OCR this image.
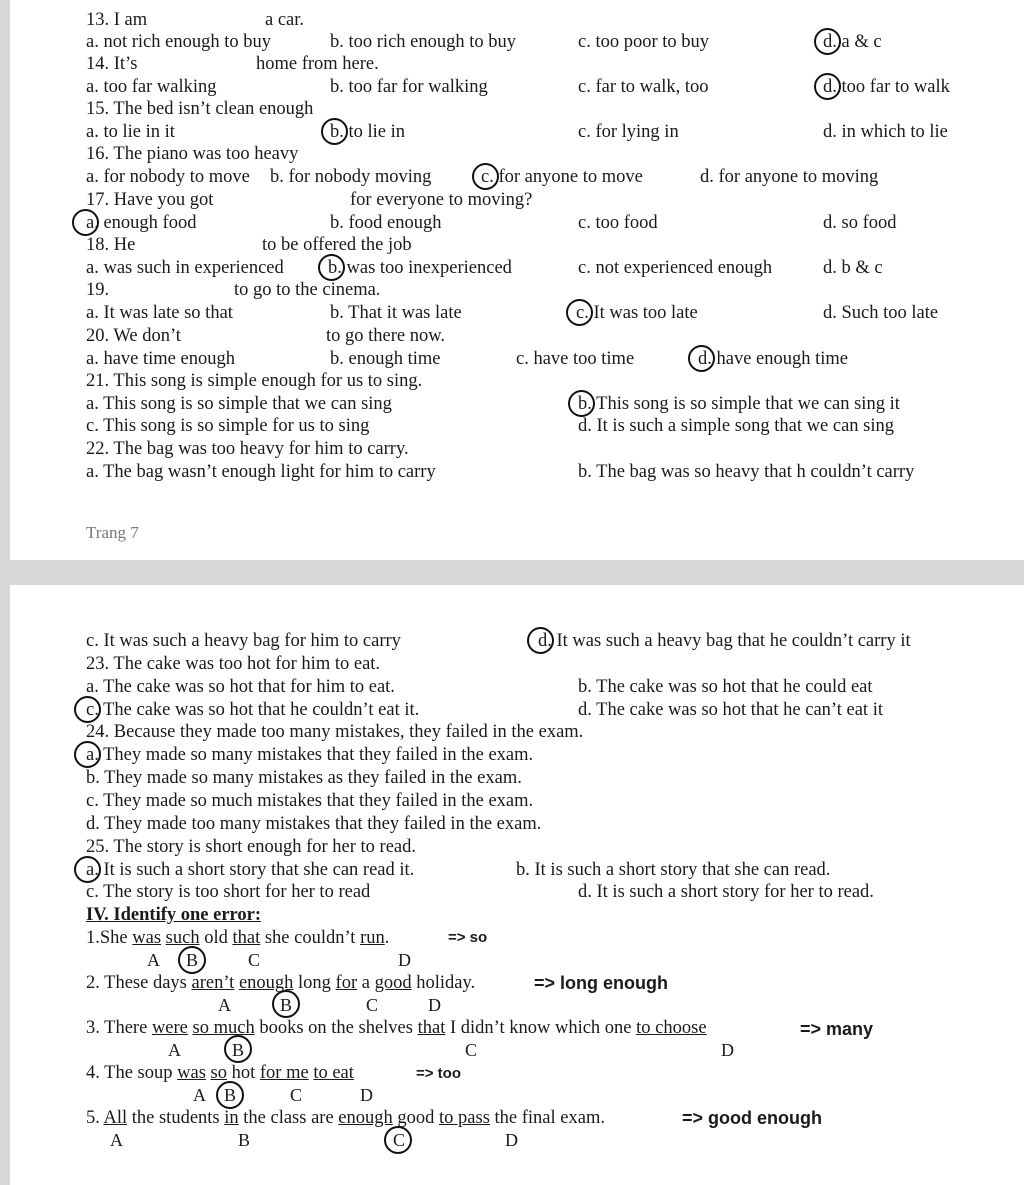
13. I am	a car.
a. not rich enough to buy	b. too rich enough to buy	c. too poor to buy	d. a & c
14. It’s	home from here.
a. too far walking	b. too far for walking	c. far to walk, too	d. too far to walk
15. The bed isn’t clean enough
a. to lie in it	b. to lie in	c. for lying in	d. in which to lie
16. The piano was too heavy
a. for nobody to move b. for nobody moving	c. for anyone to move	d. for anyone to moving
17. Have you got	for everyone to moving?
a. enough food	b. food enough	c. too food	d. so food
18. He	to be offered the job
a. was such in experienced b. was too inexperienced	c. not experienced enough	d. b & c
19.	to go to the cinema.
a. It was late so that	b. That it was late	c. It was too late	d. Such too late
20. We don’t	to go there now.
a. have time enough	b. enough time	c. have too time	d. have enough time
21. This song is simple enough for us to sing.
a. This song is so simple that we can sing	b. This song is so simple that we can sing it
c. This song is so simple for us to sing	d. It is such a simple song that we can sing
22. The bag was too heavy for him to carry.
a. The bag wasn’t enough light for him to carry	b. The bag was so heavy that h couldn’t carry
Trang 7
c. It was such a heavy bag for him to carry	d. It was such a heavy bag that he couldn’t carry it
23. The cake was too hot for him to eat.
a. The cake was so hot that for him to eat.	b. The cake was so hot that he could eat
c. The cake was so hot that he couldn’t eat it.	d. The cake was so hot that he can’t eat it
24. Because they made too many mistakes, they failed in the exam.
a. They made so many mistakes that they failed in the exam.
b. They made so many mistakes as they failed in the exam.
c. They made so much mistakes that they failed in the exam.
d. They made too many mistakes that they failed in the exam.
25. The story is short enough for her to read.
a. It is such a short story that she can read it.	b. It is such a short story that she can read.
c. The story is too short for her to read	d. It is such a short story for her to read.
IV. Identify one error:
1.She was such old that she couldn’t run.	=> so
A B	C	D
2. These days aren’t enough long for a good holiday.	=> long enough
A	B	C	D
3. There were so much books on the shelves that I didn’t know which one to choose	=> many
A	B	C	D
4. The soup was so hot for me to eat	=> too
A B	C	D
5. All the students in the class are enough good to pass the final exam.	=> good enough
A	B	C	D
